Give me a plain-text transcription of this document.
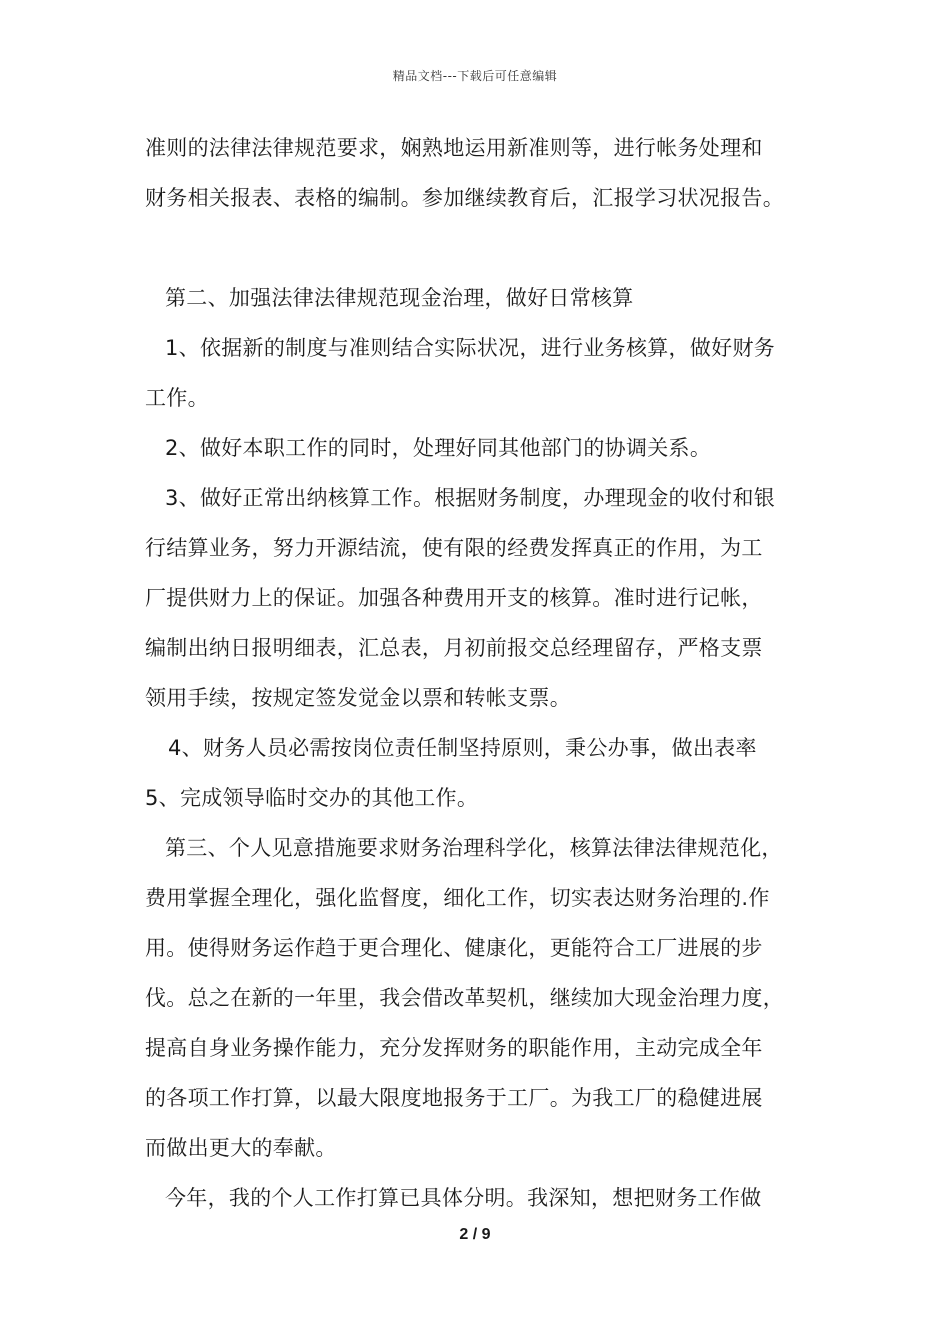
精品文档---下载后可任意编辑
准则的法律法律规范要求，娴熟地运用新准则等，进行帐务处理和
财务相关报表、表格的编制。参加继续教育后，汇报学习状况报告。
第二、加强法律法律规范现金治理，做好日常核算
1、依据新的制度与准则结合实际状况，进行业务核算，做好财务
工作。
2、做好本职工作的同时，处理好同其他部门的协调关系。
3、做好正常出纳核算工作。根据财务制度，办理现金的收付和银
行结算业务，努力开源结流，使有限的经费发挥真正的作用，为工
厂提供财力上的保证。加强各种费用开支的核算。准时进行记帐，
编制出纳日报明细表，汇总表，月初前报交总经理留存，严格支票
领用手续，按规定签发觉金以票和转帐支票。
4、财务人员必需按岗位责任制坚持原则，秉公办事，做出表率
5、完成领导临时交办的其他工作。
第三、个人见意措施要求财务治理科学化，核算法律法律规范化，
费用掌握全理化，强化监督度，细化工作，切实表达财务治理的.作
用。使得财务运作趋于更合理化、健康化，更能符合工厂进展的步
伐。总之在新的一年里，我会借改革契机，继续加大现金治理力度，
提高自身业务操作能力，充分发挥财务的职能作用，主动完成全年
的各项工作打算，以最大限度地报务于工厂。为我工厂的稳健进展
而做出更大的奉献。
今年，我的个人工作打算已具体分明。我深知，想把财务工作做
2 / 9
